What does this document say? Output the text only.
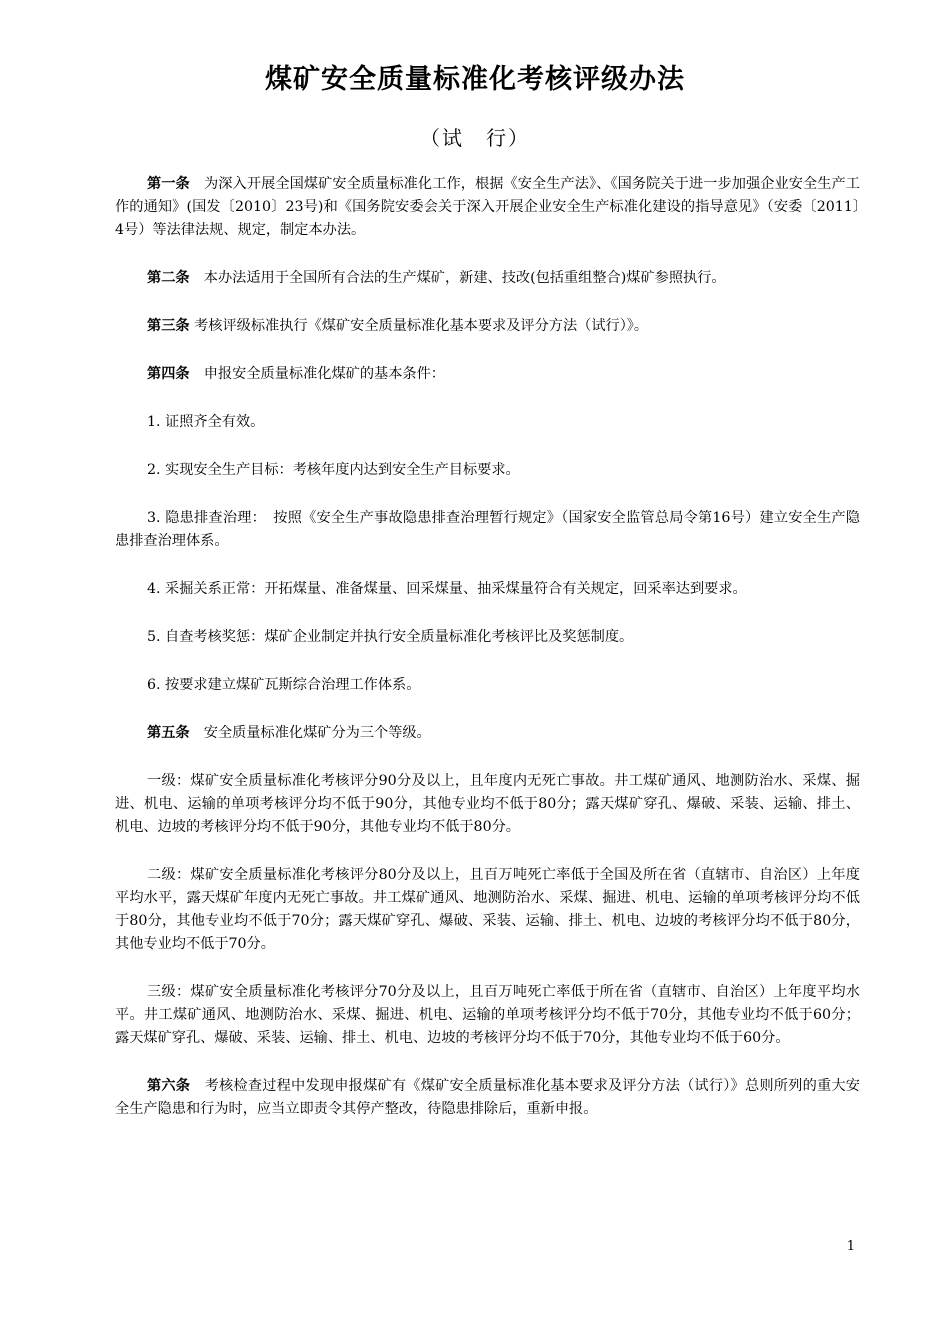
煤矿安全质量标准化考核评级办法
（试　行）

第一条　为深入开展全国煤矿安全质量标准化工作，根据《安全生产法》、《国务院关于进一步加强企业安全生产工作的通知》(国发〔2010〕23号)和《国务院安委会关于深入开展企业安全生产标准化建设的指导意见》（安委〔2011〕4号）等法律法规、规定，制定本办法。

第二条　本办法适用于全国所有合法的生产煤矿，新建、技改(包括重组整合)煤矿参照执行。

第三条 考核评级标准执行《煤矿安全质量标准化基本要求及评分方法（试行）》。

第四条　申报安全质量标准化煤矿的基本条件：

1. 证照齐全有效。

2. 实现安全生产目标：考核年度内达到安全生产目标要求。

3. 隐患排查治理：　按照《安全生产事故隐患排查治理暂行规定》（国家安全监管总局令第16号）建立安全生产隐患排查治理体系。

4. 采掘关系正常：开拓煤量、准备煤量、回采煤量、抽采煤量符合有关规定，回采率达到要求。

5. 自查考核奖惩：煤矿企业制定并执行安全质量标准化考核评比及奖惩制度。

6. 按要求建立煤矿瓦斯综合治理工作体系。

第五条　安全质量标准化煤矿分为三个等级。

一级：煤矿安全质量标准化考核评分90分及以上，且年度内无死亡事故。井工煤矿通风、地测防治水、采煤、掘进、机电、运输的单项考核评分均不低于90分，其他专业均不低于80分；露天煤矿穿孔、爆破、采装、运输、排土、机电、边坡的考核评分均不低于90分，其他专业均不低于80分。

二级：煤矿安全质量标准化考核评分80分及以上，且百万吨死亡率低于全国及所在省（直辖市、自治区）上年度平均水平，露天煤矿年度内无死亡事故。井工煤矿通风、地测防治水、采煤、掘进、机电、运输的单项考核评分均不低于80分，其他专业均不低于70分；露天煤矿穿孔、爆破、采装、运输、排土、机电、边坡的考核评分均不低于80分，其他专业均不低于70分。

三级：煤矿安全质量标准化考核评分70分及以上，且百万吨死亡率低于所在省（直辖市、自治区）上年度平均水平。井工煤矿通风、地测防治水、采煤、掘进、机电、运输的单项考核评分均不低于70分，其他专业均不低于60分；露天煤矿穿孔、爆破、采装、运输、排土、机电、边坡的考核评分均不低于70分，其他专业均不低于60分。

第六条　考核检查过程中发现申报煤矿有《煤矿安全质量标准化基本要求及评分方法（试行）》总则所列的重大安全生产隐患和行为时，应当立即责令其停产整改，待隐患排除后，重新申报。

1
